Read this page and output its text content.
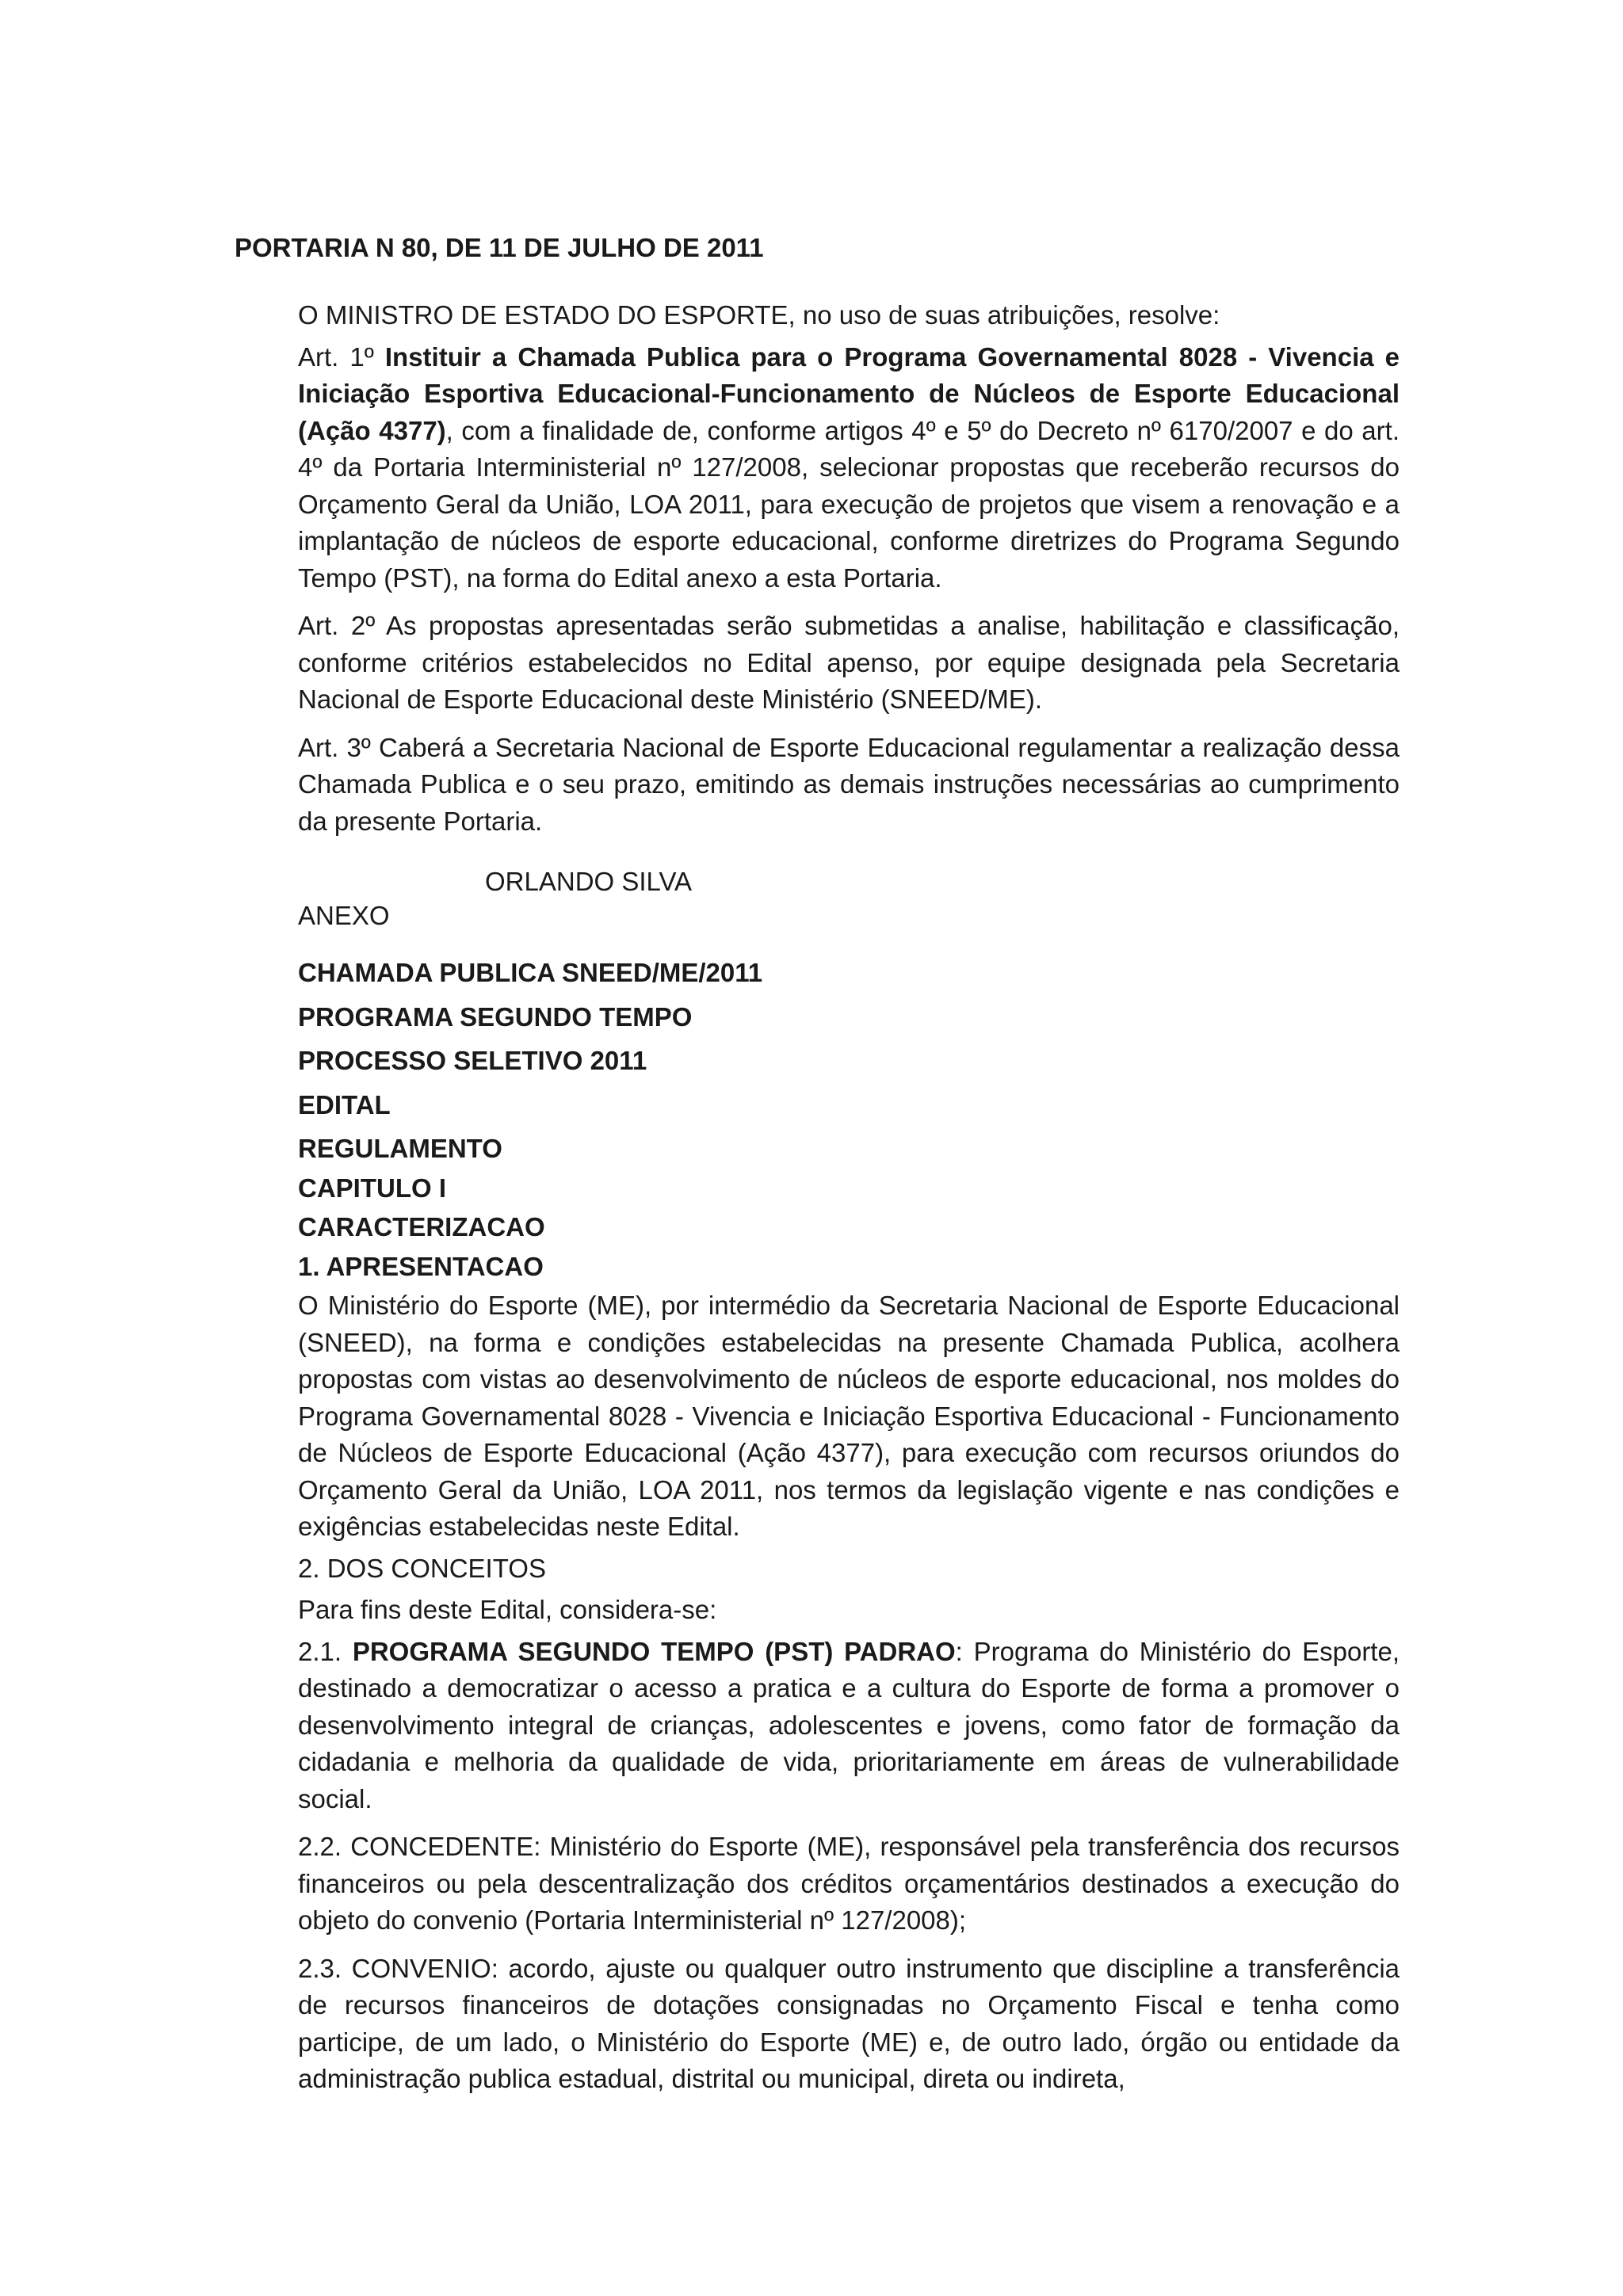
PORTARIA N 80, DE 11 DE JULHO DE 2011

O MINISTRO DE ESTADO DO ESPORTE, no uso de suas atribuições, resolve:

Art. 1º Instituir a Chamada Publica para o Programa Governamental 8028 - Vivencia e Iniciação Esportiva Educacional-Funcionamento de Núcleos de Esporte Educacional (Ação 4377), com a finalidade de, conforme artigos 4º e 5º do Decreto nº 6170/2007 e do art. 4º da Portaria Interministerial nº 127/2008, selecionar propostas que receberão recursos do Orçamento Geral da União, LOA 2011, para execução de projetos que visem a renovação e a implantação de núcleos de esporte educacional, conforme diretrizes do Programa Segundo Tempo (PST), na forma do Edital anexo a esta Portaria.

Art. 2º As propostas apresentadas serão submetidas a analise, habilitação e classificação, conforme critérios estabelecidos no Edital apenso, por equipe designada pela Secretaria Nacional de Esporte Educacional deste Ministério (SNEED/ME).

Art. 3º Caberá a Secretaria Nacional de Esporte Educacional regulamentar a realização dessa Chamada Publica e o seu prazo, emitindo as demais instruções necessárias ao cumprimento da presente Portaria.

ORLANDO SILVA

ANEXO

CHAMADA PUBLICA SNEED/ME/2011

PROGRAMA SEGUNDO TEMPO

PROCESSO SELETIVO 2011

EDITAL

REGULAMENTO

CAPITULO I

CARACTERIZACAO

1. APRESENTACAO

O Ministério do Esporte (ME), por intermédio da Secretaria Nacional de Esporte Educacional (SNEED), na forma e condições estabelecidas na presente Chamada Publica, acolhera propostas com vistas ao desenvolvimento de núcleos de esporte educacional, nos moldes do Programa Governamental 8028 - Vivencia e Iniciação Esportiva Educacional - Funcionamento de Núcleos de Esporte Educacional (Ação 4377), para execução com recursos oriundos do Orçamento Geral da União, LOA 2011, nos termos da legislação vigente e nas condições e exigências estabelecidas neste Edital.

2. DOS CONCEITOS

Para fins deste Edital, considera-se:

2.1. PROGRAMA SEGUNDO TEMPO (PST) PADRAO: Programa do Ministério do Esporte, destinado a democratizar o acesso a pratica e a cultura do Esporte de forma a promover o desenvolvimento integral de crianças, adolescentes e jovens, como fator de formação da cidadania e melhoria da qualidade de vida, prioritariamente em áreas de vulnerabilidade social.

2.2. CONCEDENTE: Ministério do Esporte (ME), responsável pela transferência dos recursos financeiros ou pela descentralização dos créditos orçamentários destinados a execução do objeto do convenio (Portaria Interministerial nº 127/2008);

2.3. CONVENIO: acordo, ajuste ou qualquer outro instrumento que discipline a transferência de recursos financeiros de dotações consignadas no Orçamento Fiscal e tenha como participe, de um lado, o Ministério do Esporte (ME) e, de outro lado, órgão ou entidade da administração publica estadual, distrital ou municipal, direta ou indireta,
